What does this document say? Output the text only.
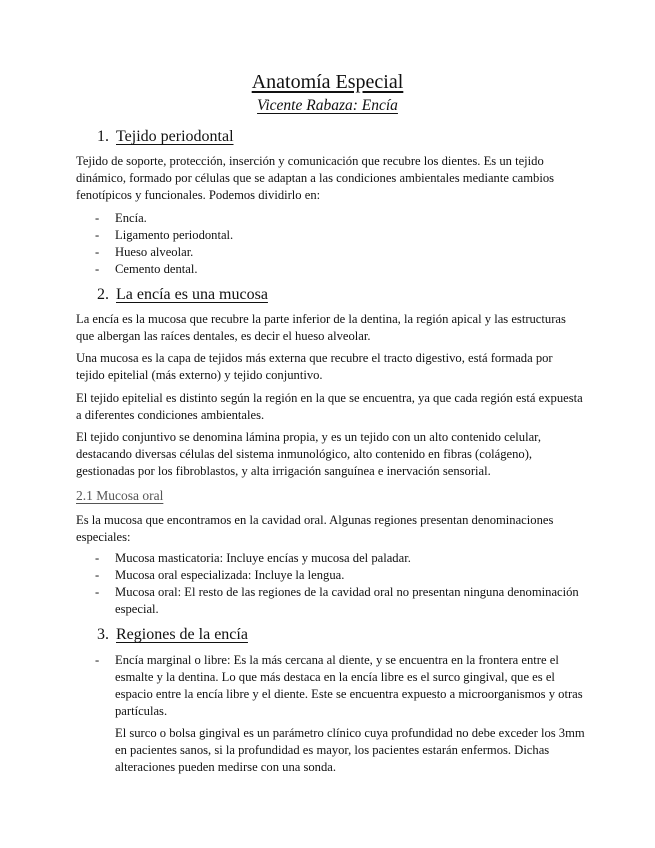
Anatomía Especial
Vicente Rabaza: Encía
1. Tejido periodontal

Tejido de soporte, protección, inserción y comunicación que recubre los dientes. Es un tejido dinámico, formado por células que se adaptan a las condiciones ambientales mediante cambios fenotípicos y funcionales. Podemos dividirlo en:

- Encía.
- Ligamento periodontal.
- Hueso alveolar.
- Cemento dental.
2. La encía es una mucosa

La encía es la mucosa que recubre la parte inferior de la dentina, la región apical y las estructuras que albergan las raíces dentales, es decir el hueso alveolar.

Una mucosa es la capa de tejidos más externa que recubre el tracto digestivo, está formada por tejido epitelial (más externo) y tejido conjuntivo.

El tejido epitelial es distinto según la región en la que se encuentra, ya que cada región está expuesta a diferentes condiciones ambientales.

El tejido conjuntivo se denomina lámina propia, y es un tejido con un alto contenido celular, destacando diversas células del sistema inmunológico, alto contenido en fibras (colágeno), gestionadas por los fibroblastos, y alta irrigación sanguínea e inervación sensorial.

2.1 Mucosa oral

Es la mucosa que encontramos en la cavidad oral. Algunas regiones presentan denominaciones especiales:

- Mucosa masticatoria: Incluye encías y mucosa del paladar.
- Mucosa oral especializada: Incluye la lengua.
- Mucosa oral: El resto de las regiones de la cavidad oral no presentan ninguna denominación especial.
3. Regiones de la encía
- Encía marginal o libre: Es la más cercana al diente, y se encuentra en la frontera entre el esmalte y la dentina. Lo que más destaca en la encía libre es el surco gingival, que es el espacio entre la encía libre y el diente. Este se encuentra expuesto a microorganismos y otras partículas.

El surco o bolsa gingival es un parámetro clínico cuya profundidad no debe exceder los 3mm en pacientes sanos, si la profundidad es mayor, los pacientes estarán enfermos. Dichas alteraciones pueden medirse con una sonda.
